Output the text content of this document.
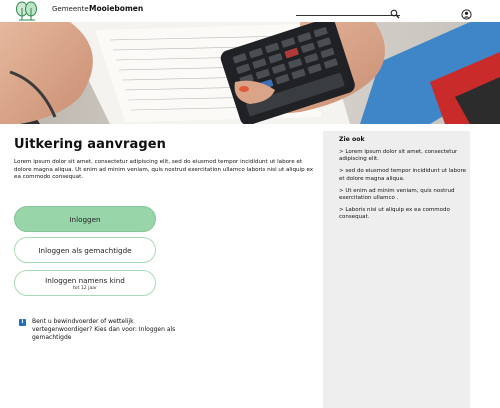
Gemeente Mooiebomen
Uitkering aanvragen

Lorem ipsum dolor sit amet, consectetur adipiscing elit, sed do eiusmod tempor incididunt ut labore et dolore magna aliqua. Ut enim ad minim veniam, quis nostrud exercitation ullamco laboris nisi ut aliquip ex ea commodo consequat.

Inloggen
Inloggen als gemachtigde
Inloggen namens kind
tot 12 jaar
i	Bent u bewindvoerder of wettelijk vertegenwoordiger? Kies dan voor: Inloggen als gemachtigde

Zie ook
> Lorem ipsum dolor sit amet, consectetur adipiscing elit.
> sed do eiusmod tempor incididunt ut labore et dolore magna aliqua.
> Ut enim ad minim veniam, quis nostrud exercitation ullamco .
> Laboris nisi ut aliquip ex ea commodo consequat.
